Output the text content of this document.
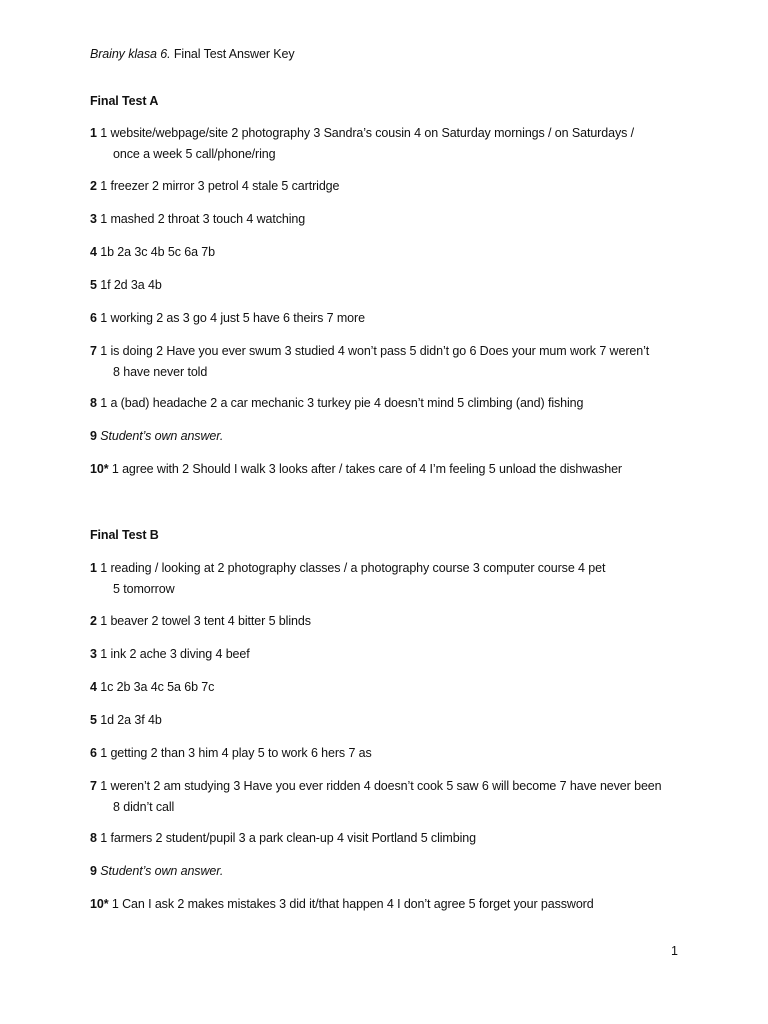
Brainy klasa 6. Final Test Answer Key
Final Test A
1 1 website/webpage/site 2 photography 3 Sandra’s cousin 4 on Saturday mornings / on Saturdays /
once a week 5 call/phone/ring
2 1 freezer 2 mirror 3 petrol 4 stale 5 cartridge
3 1 mashed 2 throat 3 touch 4 watching
4 1b 2a 3c 4b 5c 6a 7b
5 1f 2d 3a 4b
6 1 working 2 as 3 go 4 just 5 have 6 theirs 7 more
7 1 is doing 2 Have you ever swum 3 studied 4 won’t pass 5 didn’t go 6 Does your mum work 7 weren’t
8 have never told
8 1 a (bad) headache 2 a car mechanic 3 turkey pie 4 doesn’t mind 5 climbing (and) fishing
9 Student’s own answer.
10* 1 agree with 2 Should I walk 3 looks after / takes care of 4 I’m feeling 5 unload the dishwasher
Final Test B
1 1 reading / looking at 2 photography classes / a photography course 3 computer course 4 pet
5 tomorrow
2 1 beaver 2 towel 3 tent 4 bitter 5 blinds
3 1 ink 2 ache 3 diving 4 beef
4 1c 2b 3a 4c 5a 6b 7c
5 1d 2a 3f 4b
6 1 getting 2 than 3 him 4 play 5 to work 6 hers 7 as
7 1 weren’t 2 am studying 3 Have you ever ridden 4 doesn’t cook 5 saw 6 will become 7 have never been
8 didn’t call
8 1 farmers 2 student/pupil 3 a park clean-up 4 visit Portland 5 climbing
9 Student’s own answer.
10* 1 Can I ask 2 makes mistakes 3 did it/that happen 4 I don’t agree 5 forget your password
1
